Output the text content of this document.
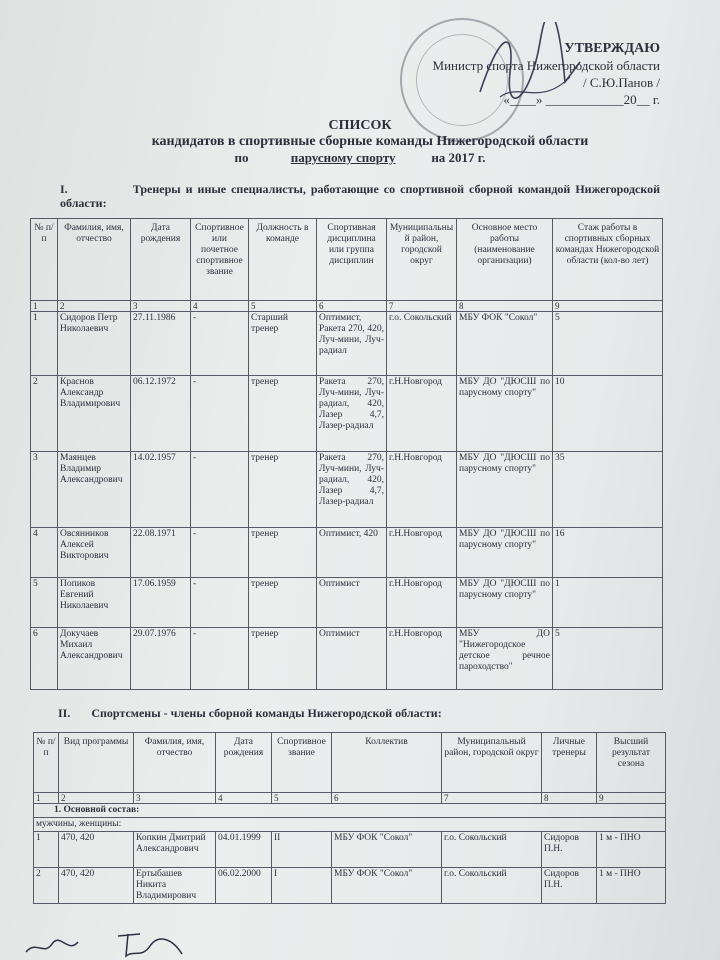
УТВЕРЖДАЮ
Министр спорта Нижегородской области
/ С.Ю.Панов /
«____» ____________20__ г.
СПИСОК
кандидатов в спортивные сборные команды Нижегородской области
по	парусному спорту	на 2017 г.
I.	Тренеры и иные специалисты, работающие со спортивной сборной командой Нижегородской области:
№ п/п	Фамилия, имя, отчество	Дата рождения	Спортивное или почетное спортивное звание	Должность в команде	Спортивная дисциплина или группа дисциплин	Муниципальный район, городской округ	Основное место работы (наименование организации)	Стаж работы в спортивных сборных командах Нижегородской области (кол-во лет)
1	2	3	4	5	6	7	8	9
1	Сидоров Петр Николаевич	27.11.1986	-	Старший тренер	Оптимист, Ракета 270, 420, Луч-мини, Луч-радиал	г.о. Сокольский	МБУ ФОК "Сокол"	5
2	Краснов Александр Владимирович	06.12.1972	-	тренер	Ракета 270, Луч-мини, Луч-радиал, 420, Лазер 4,7, Лазер-радиал	г.Н.Новгород	МБУ ДО "ДЮСШ по парусному спорту"	10
3	Маянцев Владимир Александрович	14.02.1957	-	тренер	Ракета 270, Луч-мини, Луч-радиал, 420, Лазер 4,7, Лазер-радиал	г.Н.Новгород	МБУ ДО "ДЮСШ по парусному спорту"	35
4	Овсянников Алексей Викторович	22.08.1971	-	тренер	Оптимист, 420	г.Н.Новгород	МБУ ДО "ДЮСШ по парусному спорту"	16
5	Попиков Евгений Николаевич	17.06.1959	-	тренер	Оптимист	г.Н.Новгород	МБУ ДО "ДЮСШ по парусному спорту"	1
6	Докучаев Михаил Александрович	29.07.1976	-	тренер	Оптимист	г.Н.Новгород	МБУ ДО "Нижегородское детское речное пароходство"	5
II. Спортсмены - члены сборной команды Нижегородской области:
№ п/п	Вид программы	Фамилия, имя, отчество	Дата рождения	Спортивное звание	Коллектив	Муниципальный район, городской округ	Личные тренеры	Высший результат сезона
1	2	3	4	5	6	7	8	9
1. Основной состав:								
мужчины, женщины:								
1	470, 420	Копкин Дмитрий Александрович	04.01.1999	II	МБУ ФОК "Сокол"	г.о. Сокольский	Сидоров П.Н.	1 м - ПНО
2	470, 420	Ертыбашев Никита Владимирович	06.02.2000	I	МБУ ФОК "Сокол"	г.о. Сокольский	Сидоров П.Н.	1 м - ПНО
